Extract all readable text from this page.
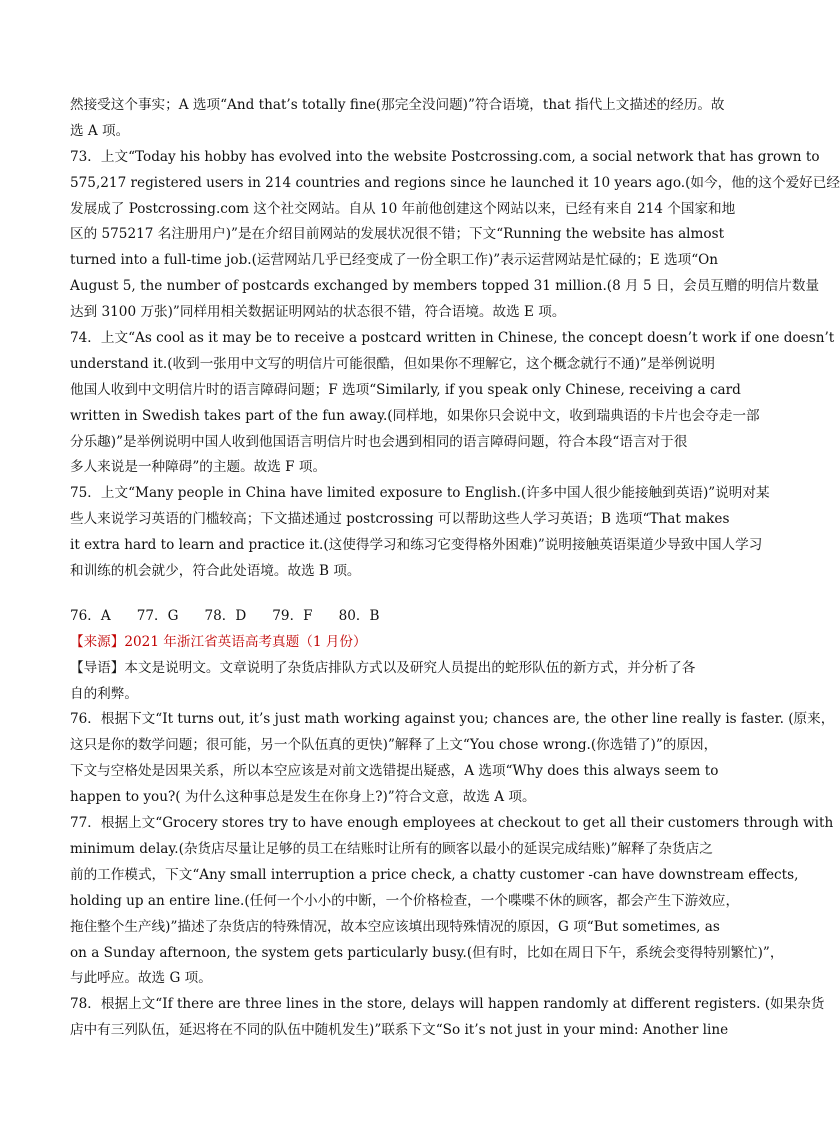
然接受这个事实；A 选项“And that’s totally fine(那完全没问题)”符合语境，that 指代上文描述的经历。故
选 A 项。
73．上文“Today his hobby has evolved into the website Postcrossing.com, a social network that has grown to
575,217 registered users in 214 countries and regions since he launched it 10 years ago.(如今，他的这个爱好已经
发展成了 Postcrossing.com 这个社交网站。自从 10 年前他创建这个网站以来，已经有来自 214 个国家和地
区的 575217 名注册用户)”是在介绍目前网站的发展状况很不错；下文“Running the website has almost
turned into a full-time job.(运营网站几乎已经变成了一份全职工作)”表示运营网站是忙碌的；E 选项“On
August 5, the number of postcards exchanged by members topped 31 million.(8 月 5 日，会员互赠的明信片数量
达到 3100 万张)”同样用相关数据证明网站的状态很不错，符合语境。故选 E 项。
74．上文“As cool as it may be to receive a postcard written in Chinese, the concept doesn’t work if one doesn’t
understand it.(收到一张用中文写的明信片可能很酷，但如果你不理解它，这个概念就行不通)”是举例说明
他国人收到中文明信片时的语言障碍问题；F 选项“Similarly, if you speak only Chinese, receiving a card
written in Swedish takes part of the fun away.(同样地，如果你只会说中文，收到瑞典语的卡片也会夺走一部
分乐趣)”是举例说明中国人收到他国语言明信片时也会遇到相同的语言障碍问题，符合本段“语言对于很
多人来说是一种障碍”的主题。故选 F 项。
75．上文“Many people in China have limited exposure to English.(许多中国人很少能接触到英语)”说明对某
些人来说学习英语的门槛较高；下文描述通过 postcrossing 可以帮助这些人学习英语；B 选项“That makes
it extra hard to learn and practice it.(这使得学习和练习它变得格外困难)”说明接触英语渠道少导致中国人学习
和训练的机会就少，符合此处语境。故选 B 项。
76．A 77．G 78．D 79．F 80．B
【来源】2021 年浙江省英语高考真题（1 月份）
【导语】本文是说明文。文章说明了杂货店排队方式以及研究人员提出的蛇形队伍的新方式，并分析了各
自的利弊。
76．根据下文“It turns out, it’s just math working against you; chances are, the other line really is faster. (原来，
这只是你的数学问题；很可能，另一个队伍真的更快)”解释了上文“You chose wrong.(你选错了)”的原因，
下文与空格处是因果关系，所以本空应该是对前文选错提出疑惑，A 选项“Why does this always seem to
happen to you?( 为什么这种事总是发生在你身上?)”符合文意，故选 A 项。
77．根据上文“Grocery stores try to have enough employees at checkout to get all their customers through with
minimum delay.(杂货店尽量让足够的员工在结账时让所有的顾客以最小的延误完成结账)”解释了杂货店之
前的工作模式，下文“Any small interruption a price check, a chatty customer -can have downstream effects,
holding up an entire line.(任何一个小小的中断，一个价格检查，一个喋喋不休的顾客，都会产生下游效应，
拖住整个生产线)”描述了杂货店的特殊情况，故本空应该填出现特殊情况的原因，G 项“But sometimes, as
on a Sunday afternoon, the system gets particularly busy.(但有时，比如在周日下午，系统会变得特别繁忙)”，
与此呼应。故选 G 项。
78．根据上文“If there are three lines in the store, delays will happen randomly at different registers. (如果杂货
店中有三列队伍，延迟将在不同的队伍中随机发生)”联系下文“So it’s not just in your mind: Another line
